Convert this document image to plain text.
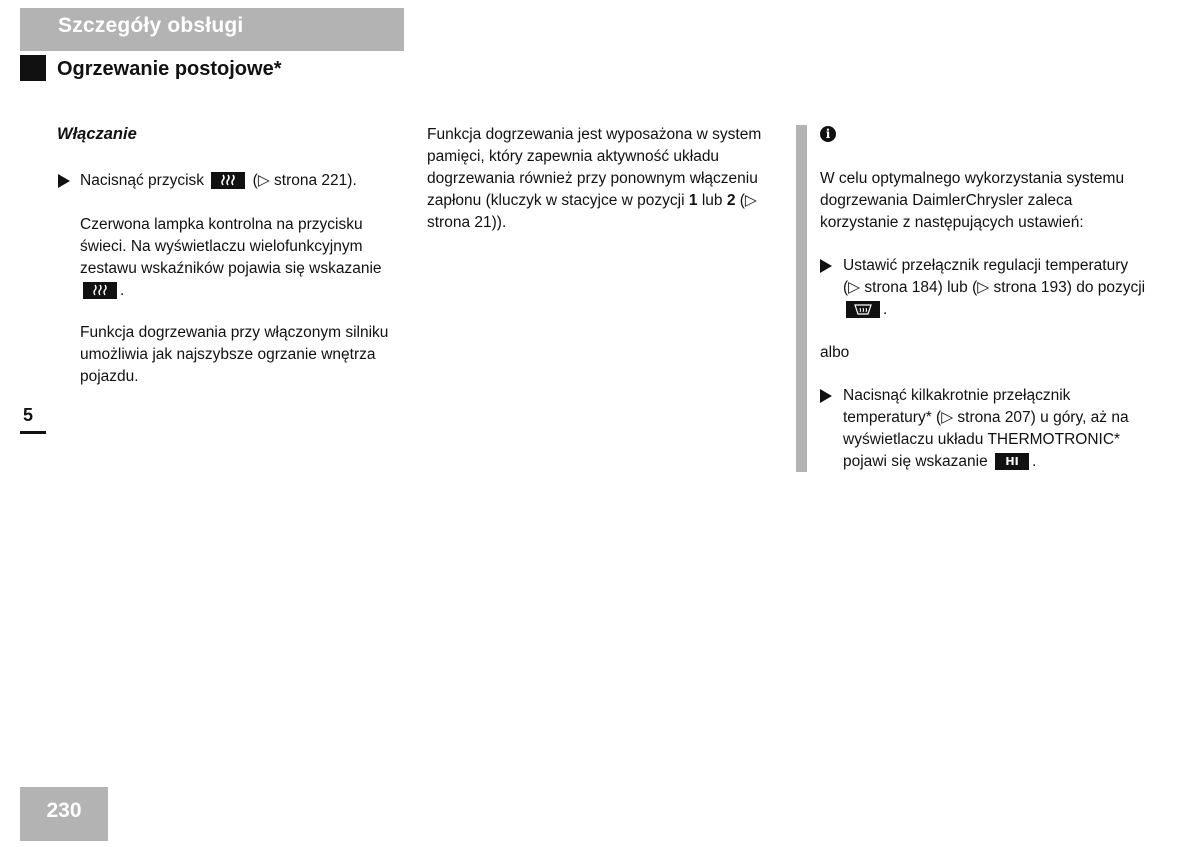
Szczegóły obsługi
Ogrzewanie postojowe*
Włączanie
Nacisnąć przycisk	(▷ strona 221).
Czerwona lampka kontrolna na przycisku świeci. Na wyświetlaczu wielofunkcyjnym zestawu wskaźników pojawia się wskazanie .
Funkcja dogrzewania przy włączonym silniku umożliwia jak najszybsze ogrzanie wnętrza pojazdu.
Funkcja dogrzewania jest wyposażona w system pamięci, który zapewnia aktywność układu dogrzewania również przy ponownym włączeniu zapłonu (kluczyk w stacyjce w pozycji 1 lub 2 (▷ strona 21)).
i
W celu optymalnego wykorzystania systemu dogrzewania DaimlerChrysler zaleca korzystanie z następujących ustawień:
Ustawić przełącznik regulacji temperatury (▷ strona 184) lub (▷ strona 193) do pozycji .
albo
Nacisnąć kilkakrotnie przełącznik temperatury* (▷ strona 207) u góry, aż na wyświetlaczu układu THERMOTRONIC* pojawi się wskazanie HI .
5
230
